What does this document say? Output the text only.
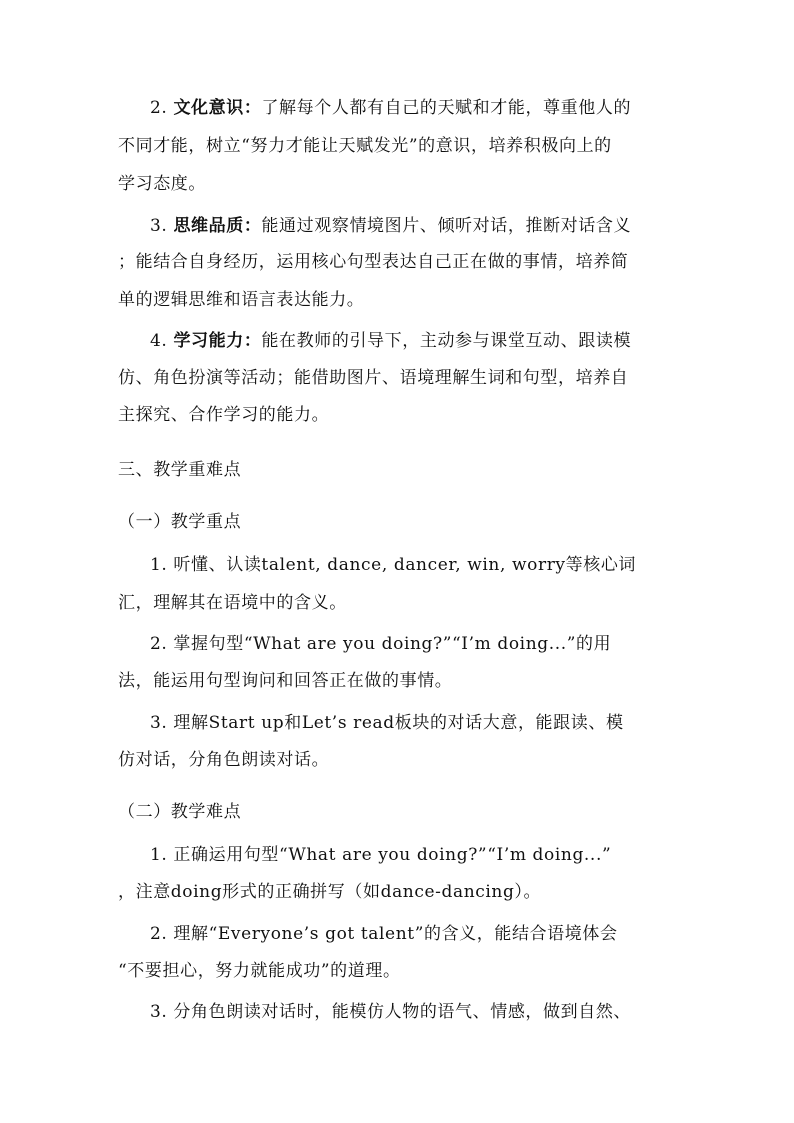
2. 文化意识：了解每个人都有自己的天赋和才能，尊重他人的
不同才能，树立“努力才能让天赋发光”的意识，培养积极向上的
学习态度。
3. 思维品质：能通过观察情境图片、倾听对话，推断对话含义
；能结合自身经历，运用核心句型表达自己正在做的事情，培养简
单的逻辑思维和语言表达能力。
4. 学习能力：能在教师的引导下，主动参与课堂互动、跟读模
仿、角色扮演等活动；能借助图片、语境理解生词和句型，培养自
主探究、合作学习的能力。
三、教学重难点
（一）教学重点
1. 听懂、认读talent, dance, dancer, win, worry等核心词
汇，理解其在语境中的含义。
2. 掌握句型“What are you doing?”“I’m doing...”的用
法，能运用句型询问和回答正在做的事情。
3. 理解Start up和Let’s read板块的对话大意，能跟读、模
仿对话，分角色朗读对话。
（二）教学难点
1. 正确运用句型“What are you doing?”“I’m doing...”
，注意doing形式的正确拼写（如dance-dancing）。
2. 理解“Everyone’s got talent”的含义，能结合语境体会
“不要担心，努力就能成功”的道理。
3. 分角色朗读对话时，能模仿人物的语气、情感，做到自然、
